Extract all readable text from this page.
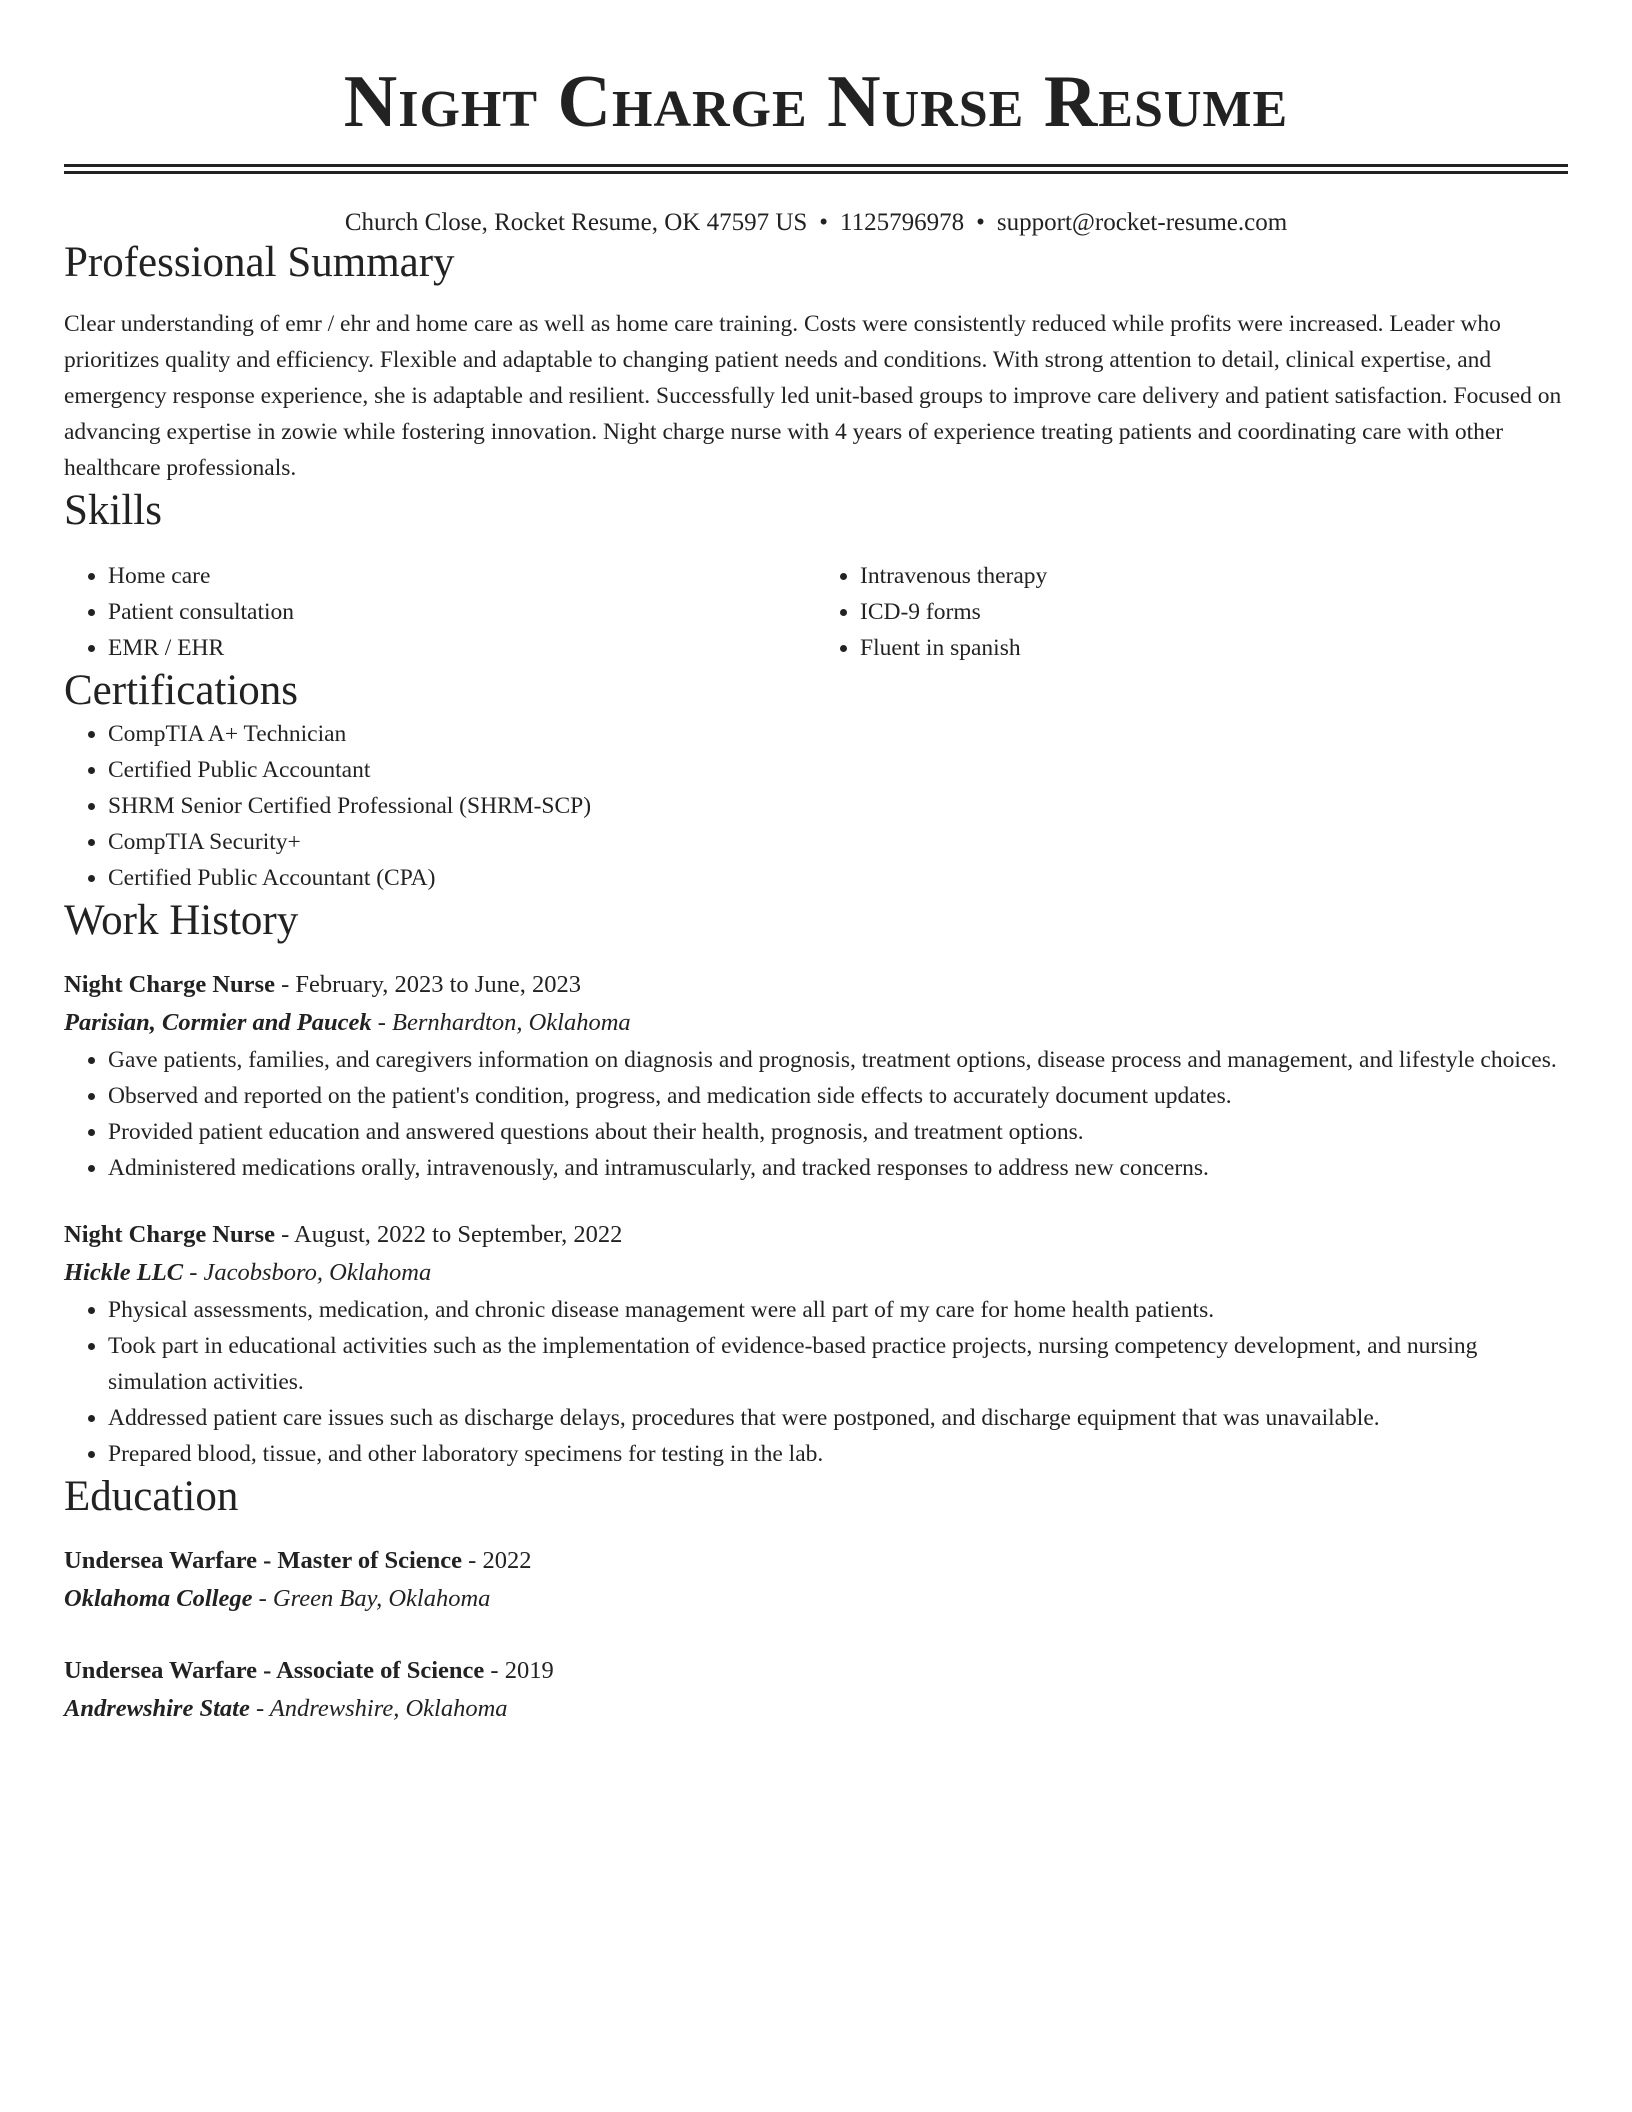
Night Charge Nurse Resume
Church Close, Rocket Resume, OK 47597 US • 1125796978 • support@rocket-resume.com
Professional Summary
Clear understanding of emr / ehr and home care as well as home care training. Costs were consistently reduced while profits were increased. Leader who prioritizes quality and efficiency. Flexible and adaptable to changing patient needs and conditions. With strong attention to detail, clinical expertise, and emergency response experience, she is adaptable and resilient. Successfully led unit-based groups to improve care delivery and patient satisfaction. Focused on advancing expertise in zowie while fostering innovation. Night charge nurse with 4 years of experience treating patients and coordinating care with other healthcare professionals.
Skills
• Home care
• Patient consultation
• EMR / EHR
• Intravenous therapy
• ICD-9 forms
• Fluent in spanish
Certifications
• CompTIA A+ Technician
• Certified Public Accountant
• SHRM Senior Certified Professional (SHRM-SCP)
• CompTIA Security+
• Certified Public Accountant (CPA)
Work History
Night Charge Nurse - February, 2023 to June, 2023
Parisian, Cormier and Paucek - Bernhardton, Oklahoma
• Gave patients, families, and caregivers information on diagnosis and prognosis, treatment options, disease process and management, and lifestyle choices.
• Observed and reported on the patient's condition, progress, and medication side effects to accurately document updates.
• Provided patient education and answered questions about their health, prognosis, and treatment options.
• Administered medications orally, intravenously, and intramuscularly, and tracked responses to address new concerns.
Night Charge Nurse - August, 2022 to September, 2022
Hickle LLC - Jacobsboro, Oklahoma
• Physical assessments, medication, and chronic disease management were all part of my care for home health patients.
• Took part in educational activities such as the implementation of evidence-based practice projects, nursing competency development, and nursing simulation activities.
• Addressed patient care issues such as discharge delays, procedures that were postponed, and discharge equipment that was unavailable.
• Prepared blood, tissue, and other laboratory specimens for testing in the lab.
Education
Undersea Warfare - Master of Science - 2022
Oklahoma College - Green Bay, Oklahoma
Undersea Warfare - Associate of Science - 2019
Andrewshire State - Andrewshire, Oklahoma
